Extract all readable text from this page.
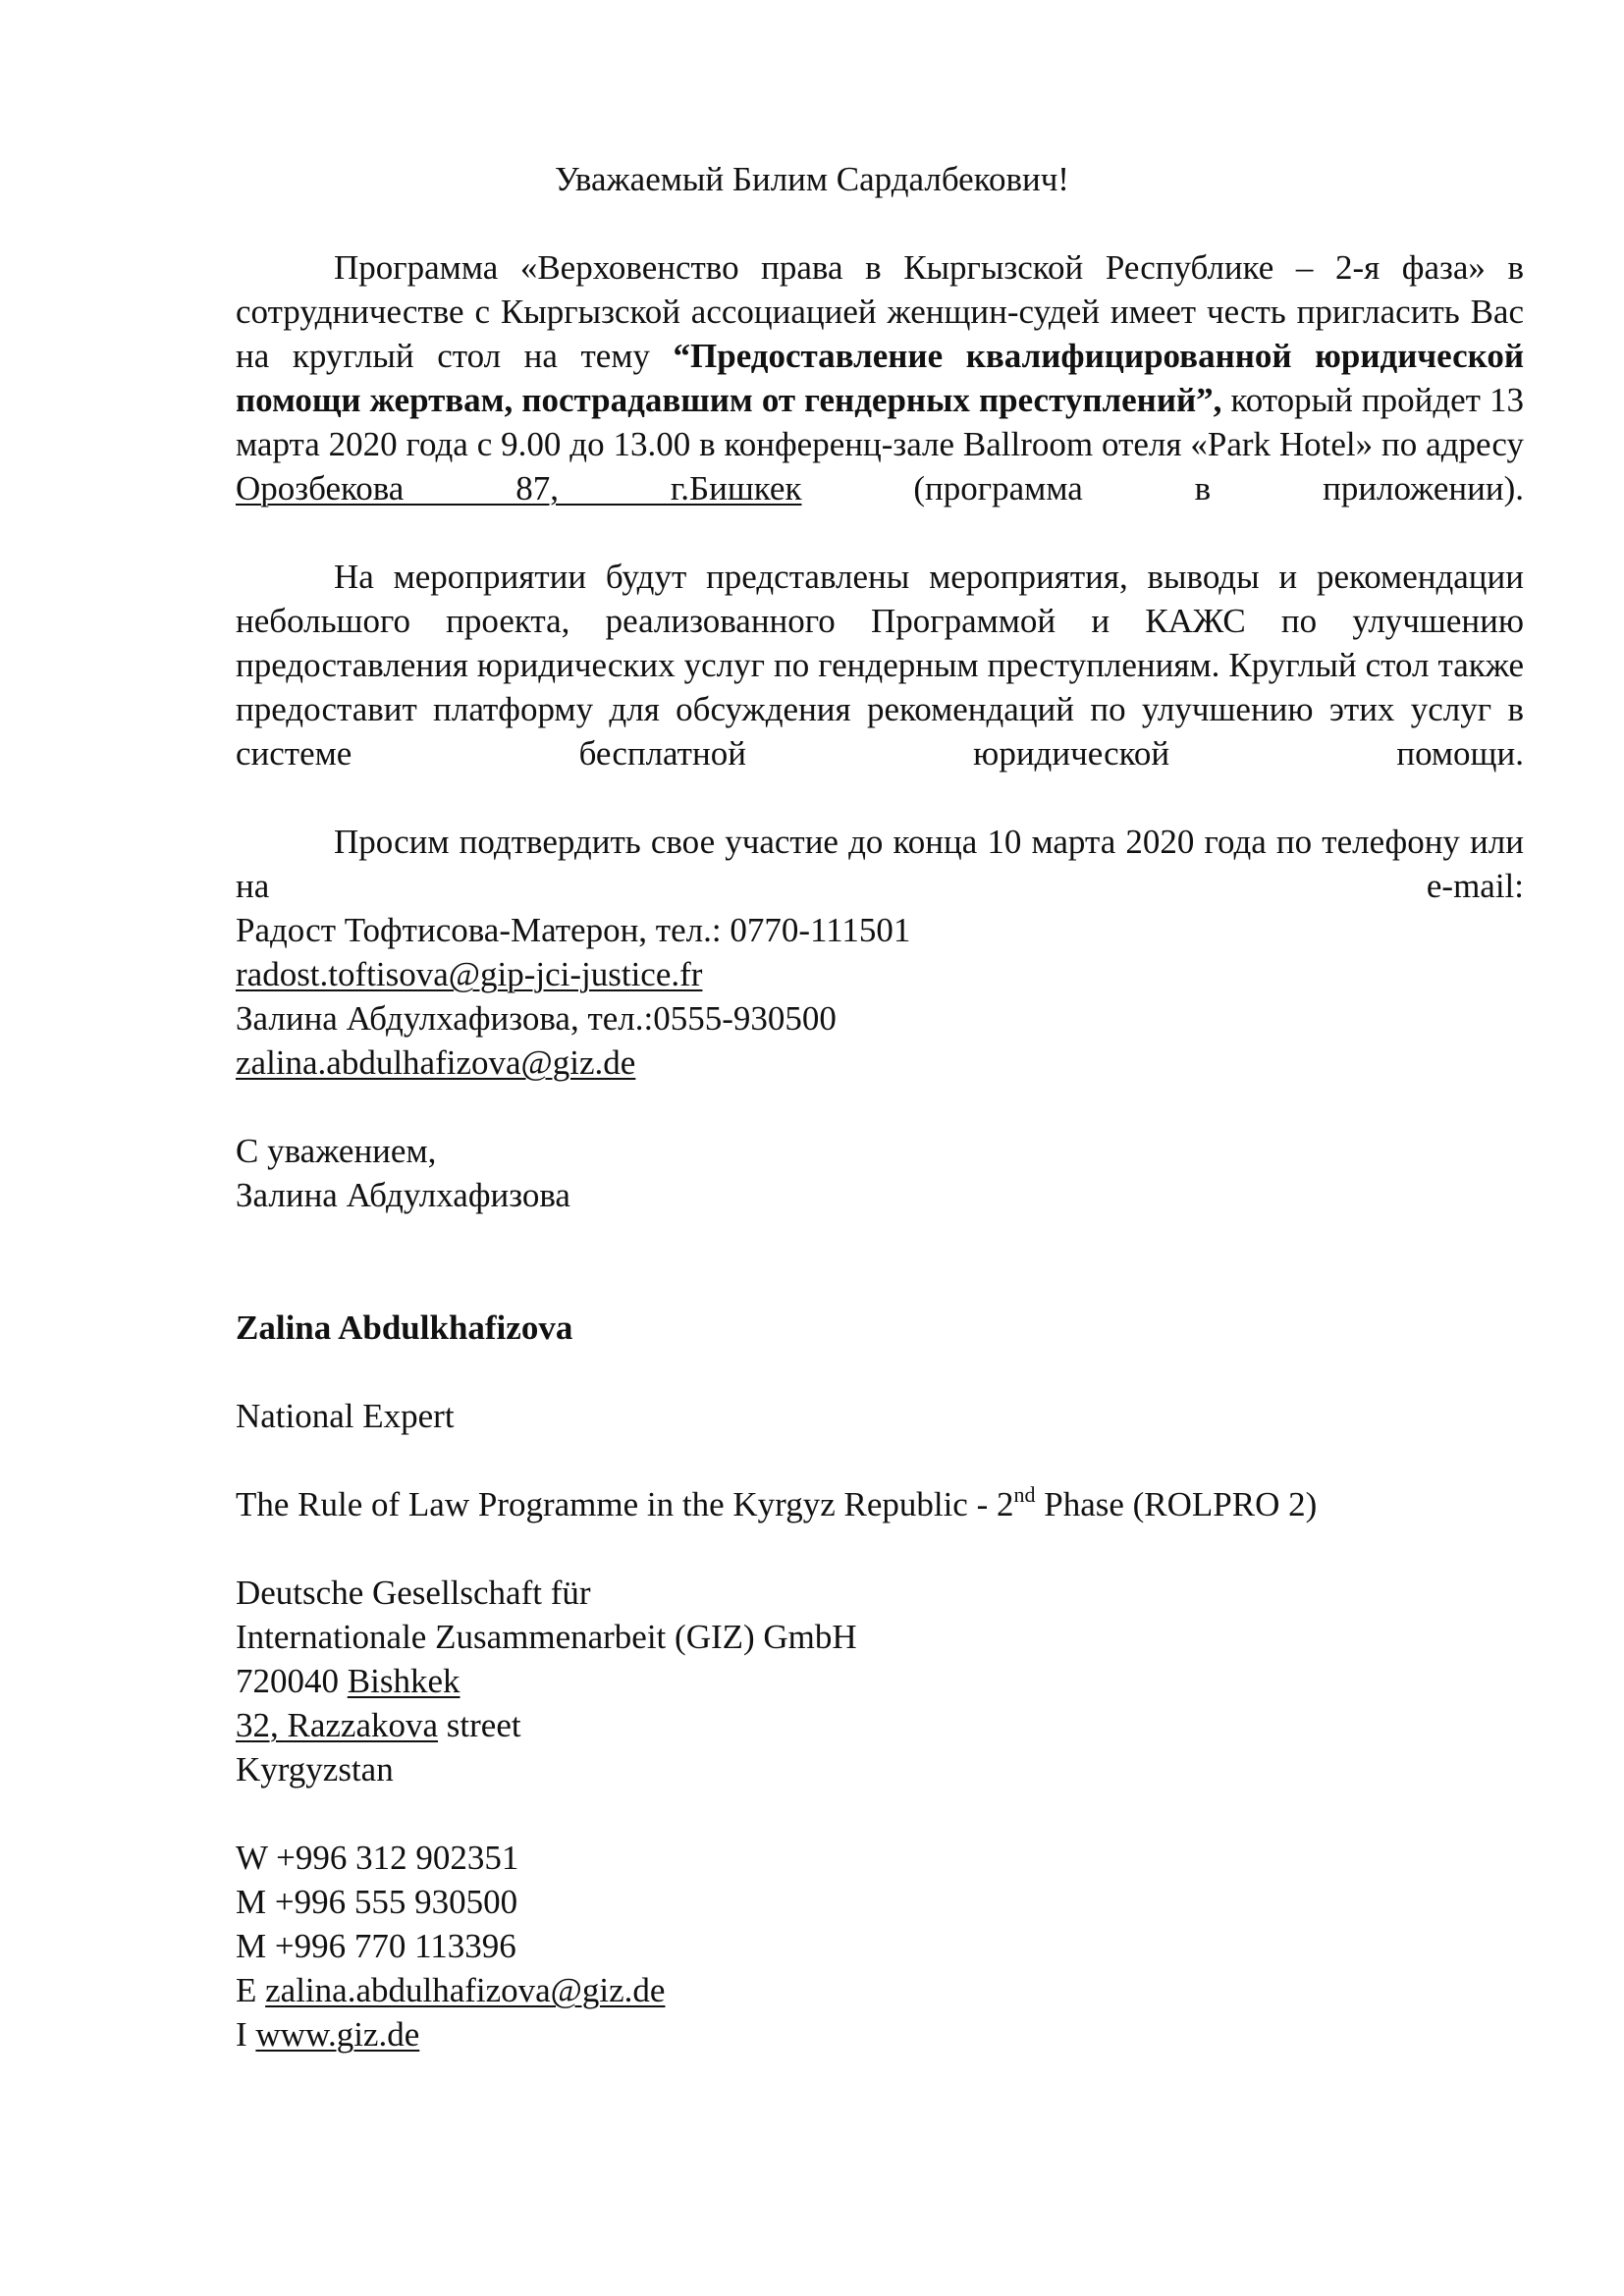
Уважаемый Билим Сардалбекович!

Программа «Верховенство права в Кыргызской Республике – 2-я фаза» в сотрудничестве с Кыргызской ассоциацией женщин-судей имеет честь пригласить Вас на круглый стол на тему “Предоставление квалифицированной юридической помощи жертвам, пострадавшим от гендерных преступлений”, который пройдет 13 марта 2020 года с 9.00 до 13.00 в конференц-зале Ballroom отеля «Park Hotel» по адресу Орозбекова 87, г.Бишкек	(программа в приложении).
На мероприятии будут представлены мероприятия, выводы и рекомендации небольшого проекта, реализованного Программой и КАЖС по улучшению предоставления юридических услуг по гендерным преступлениям. Круглый стол также предоставит платформу для обсуждения рекомендаций по улучшению этих услуг в системе бесплатной юридической помощи.
Просим подтвердить свое участие до конца 10 марта 2020 года по телефону или на e-mail:

Радост Тофтисова-Матерон, тел.: 0770-111501

radost.toftisova@gip-jci-justice.fr

Залина Абдулхафизова, тел.:0555-930500

zalina.abdulhafizova@giz.de

С уважением,

Залина Абдулхафизова

Zalina Abdulkhafizova

National Expert

The Rule of Law Programme in the Kyrgyz Republic - 2nd Phase (ROLPRO 2)

Deutsche Gesellschaft für

Internationale Zusammenarbeit (GIZ) GmbH

720040 Bishkek

32, Razzakova street

Kyrgyzstan

W +996 312 902351

M +996 555 930500

M +996 770 113396

E zalina.abdulhafizova@giz.de

I www.giz.de
